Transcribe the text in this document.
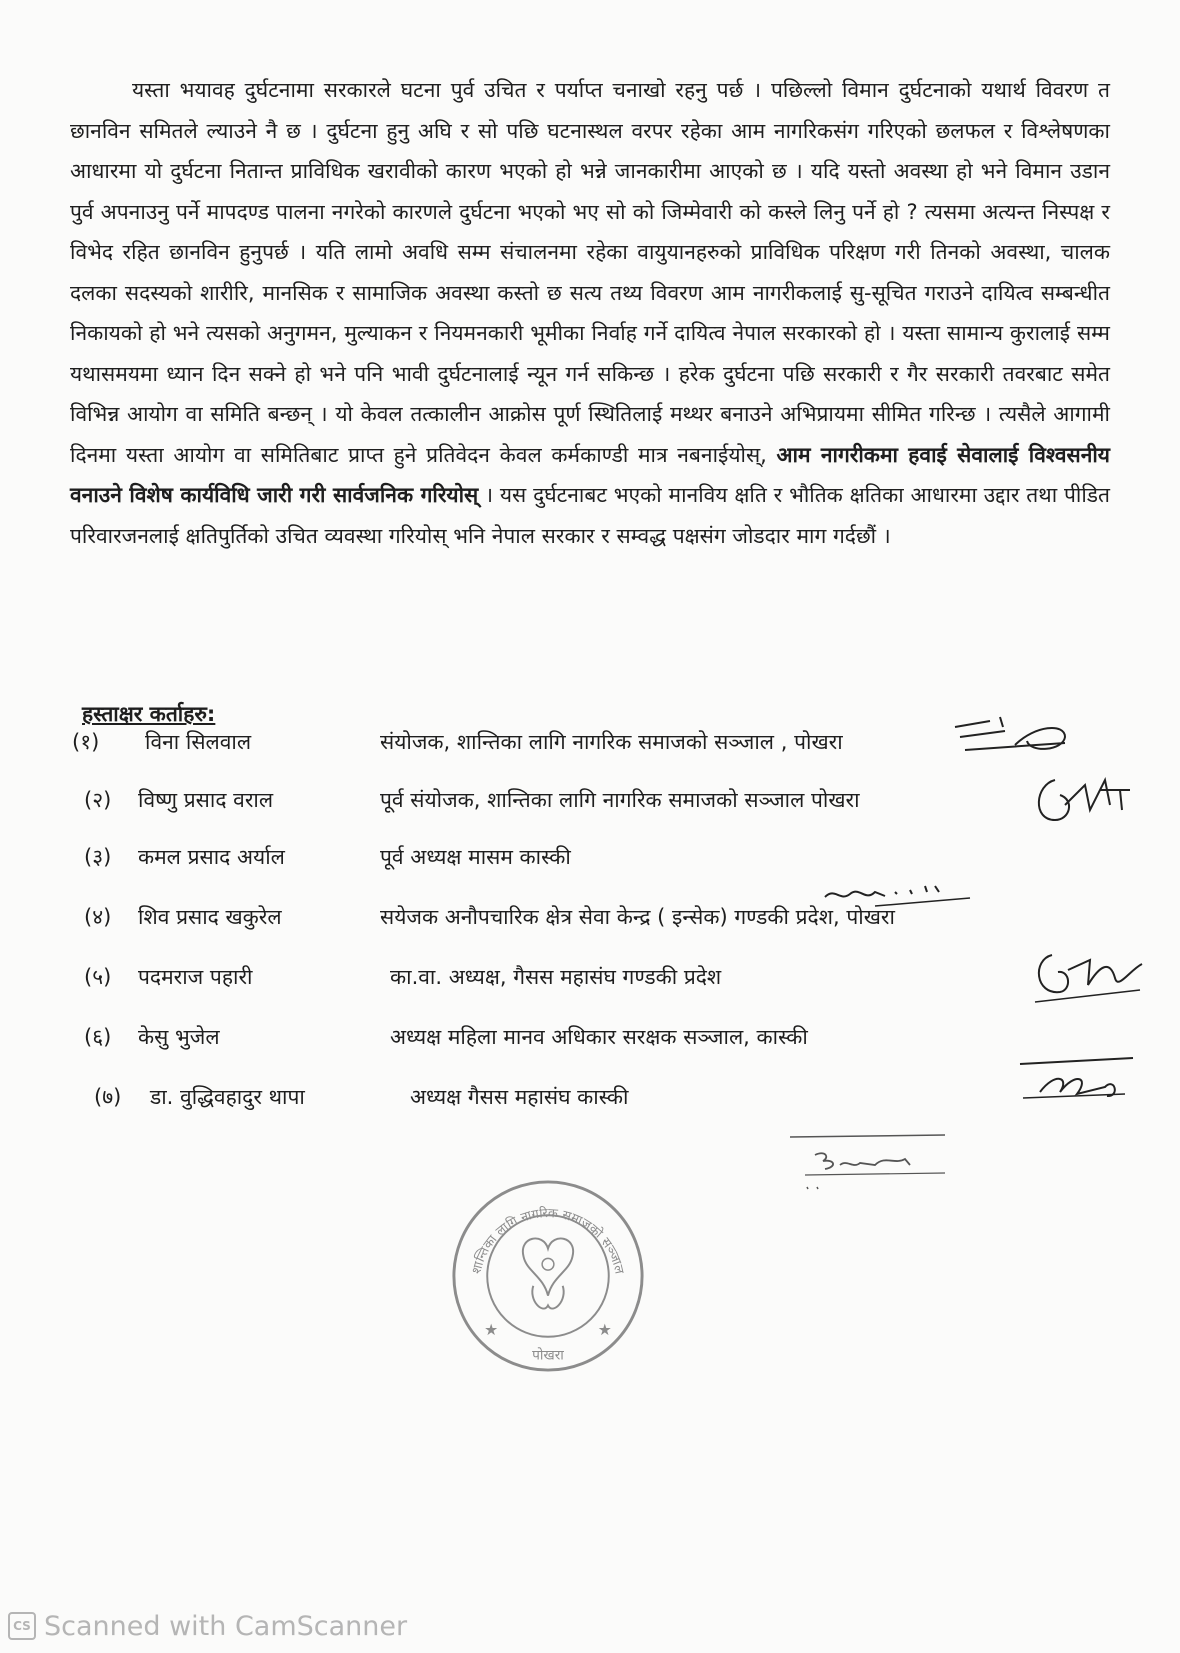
यस्ता भयावह दुर्घटनामा सरकारले घटना पुर्व उचित र पर्याप्त चनाखो रहनु पर्छ । पछिल्लो विमान दुर्घटनाको यथार्थ विवरण त छानविन समितले ल्याउने नै छ । दुर्घटना हुनु अघि र सो पछि घटनास्थल वरपर रहेका आम नागरिकसंग गरिएको छलफल र विश्लेषणका आधारमा यो दुर्घटना नितान्त प्राविधिक खरावीको कारण भएको हो भन्ने जानकारीमा आएको छ । यदि यस्तो अवस्था हो भने विमान उडान पुर्व अपनाउनु पर्ने मापदण्ड पालना नगरेको कारणले दुर्घटना भएको भए सो को जिम्मेवारी को कस्ले लिनु पर्ने हो ? त्यसमा अत्यन्त निस्पक्ष र विभेद रहित छानविन हुनुपर्छ । यति लामो अवधि सम्म संचालनमा रहेका वायुयानहरुको प्राविधिक परिक्षण गरी तिनको अवस्था, चालक दलका सदस्यको शारीरि, मानसिक र सामाजिक अवस्था कस्तो छ सत्य तथ्य विवरण आम नागरीकलाई सु-सूचित गराउने दायित्व सम्बन्धीत निकायको हो भने त्यसको अनुगमन, मुल्याकन र नियमनकारी भूमीका निर्वाह गर्ने दायित्व नेपाल सरकारको हो । यस्ता सामान्य कुरालाई सम्म यथासमयमा ध्यान दिन सक्ने हो भने पनि भावी दुर्घटनालाई न्यून गर्न सकिन्छ । हरेक दुर्घटना पछि सरकारी र गैर सरकारी तवरबाट समेत विभिन्न आयोग वा समिति बन्छन् । यो केवल तत्कालीन आक्रोस पूर्ण स्थितिलाई मथ्थर बनाउने अभिप्रायमा सीमित गरिन्छ । त्यसैले आगामी दिनमा यस्ता आयोग वा समितिबाट प्राप्त हुने प्रतिवेदन केवल कर्मकाण्डी मात्र नबनाईयोस्, आम नागरीकमा हवाई सेवालाई विश्वसनीय वनाउने विशेष कार्यविधि जारी गरी सार्वजनिक गरियोस् । यस दुर्घटनाबट भएको मानविय क्षति र भौतिक क्षतिका आधारमा उद्दार तथा पीडित परिवारजनलाई क्षतिपुर्तिको उचित व्यवस्था गरियोस् भनि नेपाल सरकार र सम्वद्ध पक्षसंग जोडदार माग गर्दछौं ।

हस्ताक्षर कर्ताहरु:

(१) विना सिलवाल	संयोजक, शान्तिका लागि नागरिक समाजको सञ्जाल , पोखरा
(२) विष्णु प्रसाद वराल	पूर्व संयोजक, शान्तिका लागि नागरिक समाजको सञ्जाल पोखरा
(३) कमल प्रसाद अर्याल	पूर्व अध्यक्ष मासम कास्की
(४) शिव प्रसाद खकुरेल	सयेजक अनौपचारिक क्षेत्र सेवा केन्द्र ( इन्सेक) गण्डकी प्रदेश, पोखरा
(५) पदमराज पहारी	का.वा. अध्यक्ष, गैसस महासंघ गण्डकी प्रदेश
(६) केसु भुजेल	अध्यक्ष महिला मानव अधिकार सरक्षक सञ्जाल, कास्की
(७) डा. वुद्धिवहादुर थापा	अध्यक्ष गैसस महासंघ कास्की
शान्तिका लागि नागरिक समाजको सञ्जाल
पोखरा
★	★
CS Scanned with CamScanner
